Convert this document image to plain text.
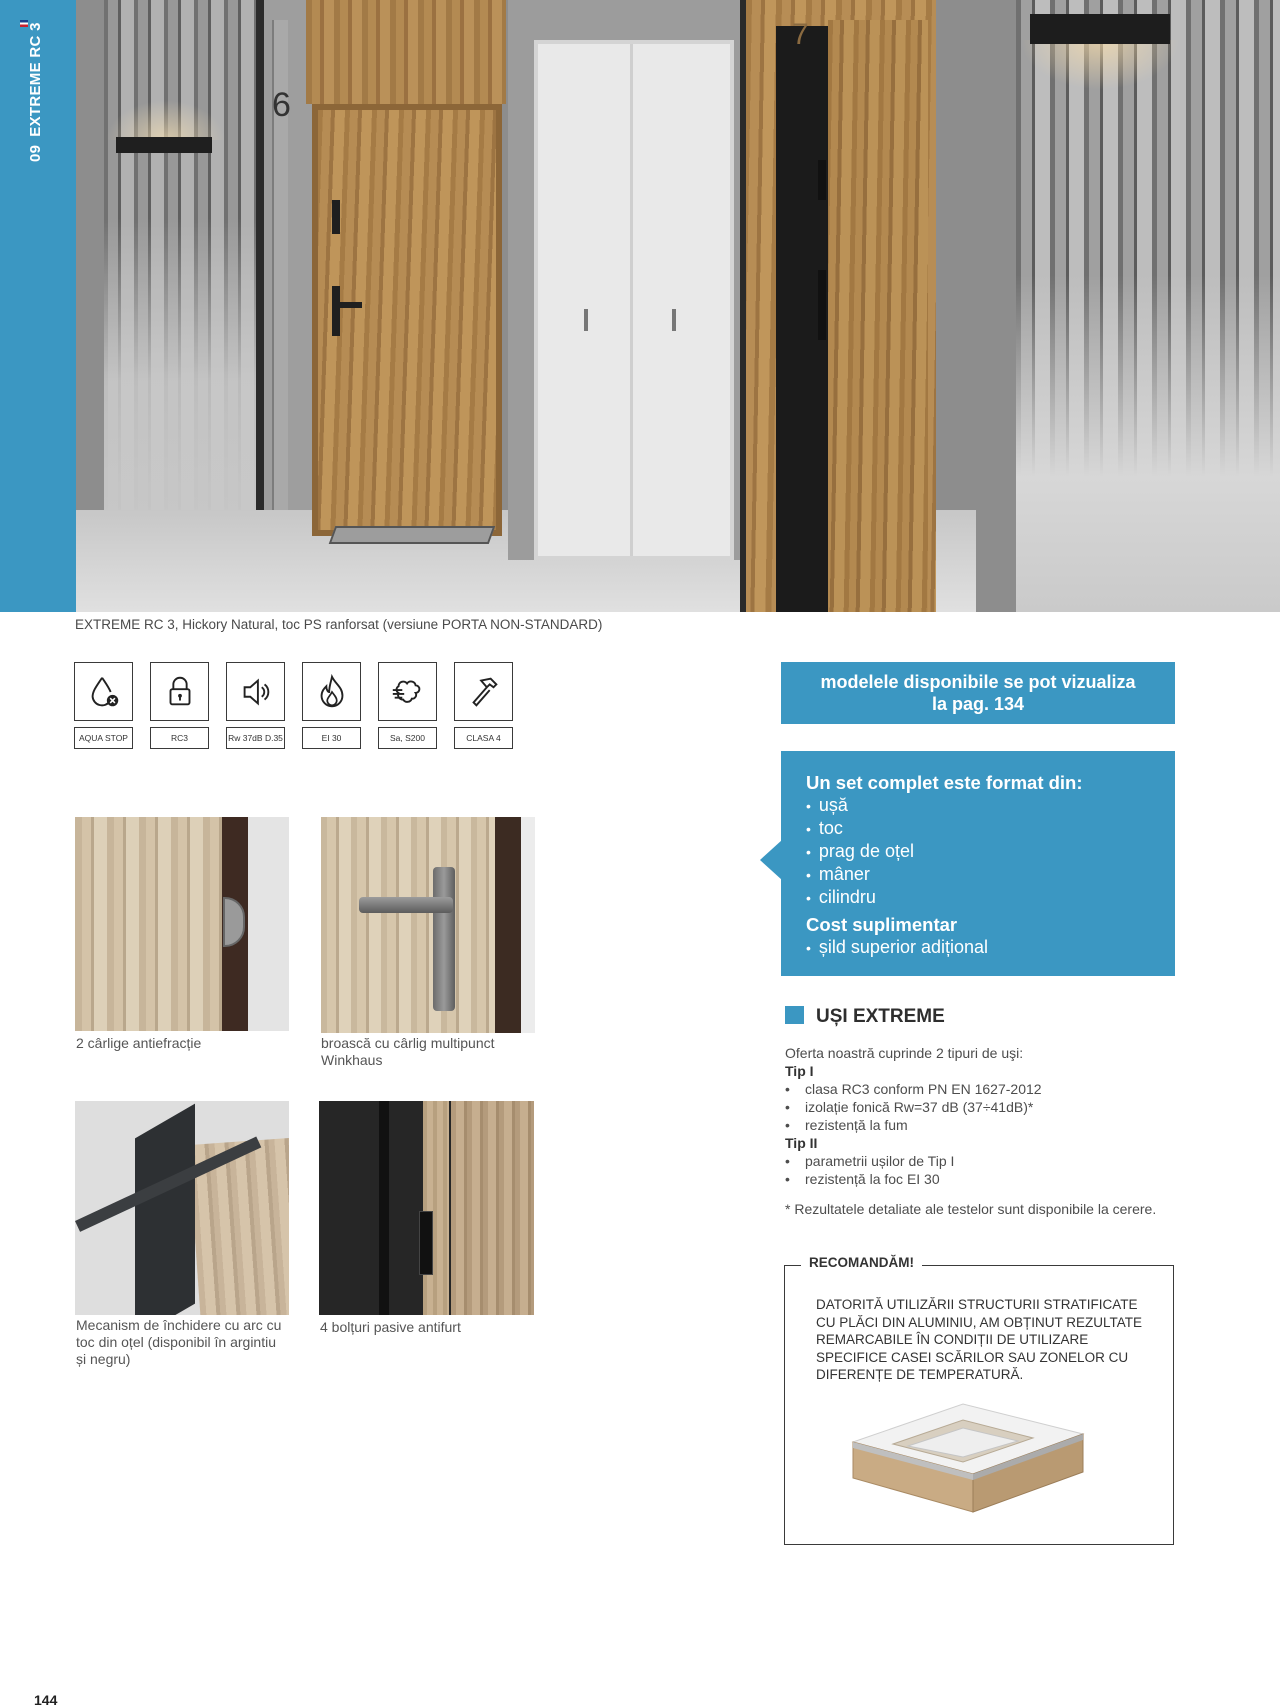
09EXTREME RC 3	6
7
EXTREME RC 3, Hickory Natural, toc PS ranforsat (versiune PORTA NON-STANDARD)
AQUA STOP	RC3	Rw 37dB D.35	EI 30	Sa, S200	CLASA 4
modelele disponibile se pot vizualiza
la pag. 134
Un set complet este format din:
• ușă
• toc
• prag de oțel
• mâner
• cilindru
Cost suplimentar
• șild superior adițional
2 cârlige antiefracție	broască cu cârlig multipunct Winkhaus
Mecanism de închidere cu arc cu toc din oțel (disponibil în argintiu și negru)
4 bolțuri pasive antifurt
UȘI EXTREME
Oferta noastră cuprinde 2 tipuri de uşi:
Tip I
• clasa RC3 conform PN EN 1627-2012
• izolație fonică Rw=37 dB (37÷41dB)*
• rezistență la fum
Tip II
• parametrii ușilor de Tip I
• rezistență la foc EI 30
* Rezultatele detaliate ale testelor sunt disponibile la cerere.
RECOMANDĂM!
DATORITĂ UTILIZĂRII STRUCTURII STRATIFICATE CU PLĂCI DIN ALUMINIU, AM OBȚINUT REZULTATE REMARCABILE ÎN CONDIȚII DE UTILIZARE SPECIFICE CASEI SCĂRILOR SAU ZONELOR CU DIFERENȚE DE TEMPERATURĂ.
144
